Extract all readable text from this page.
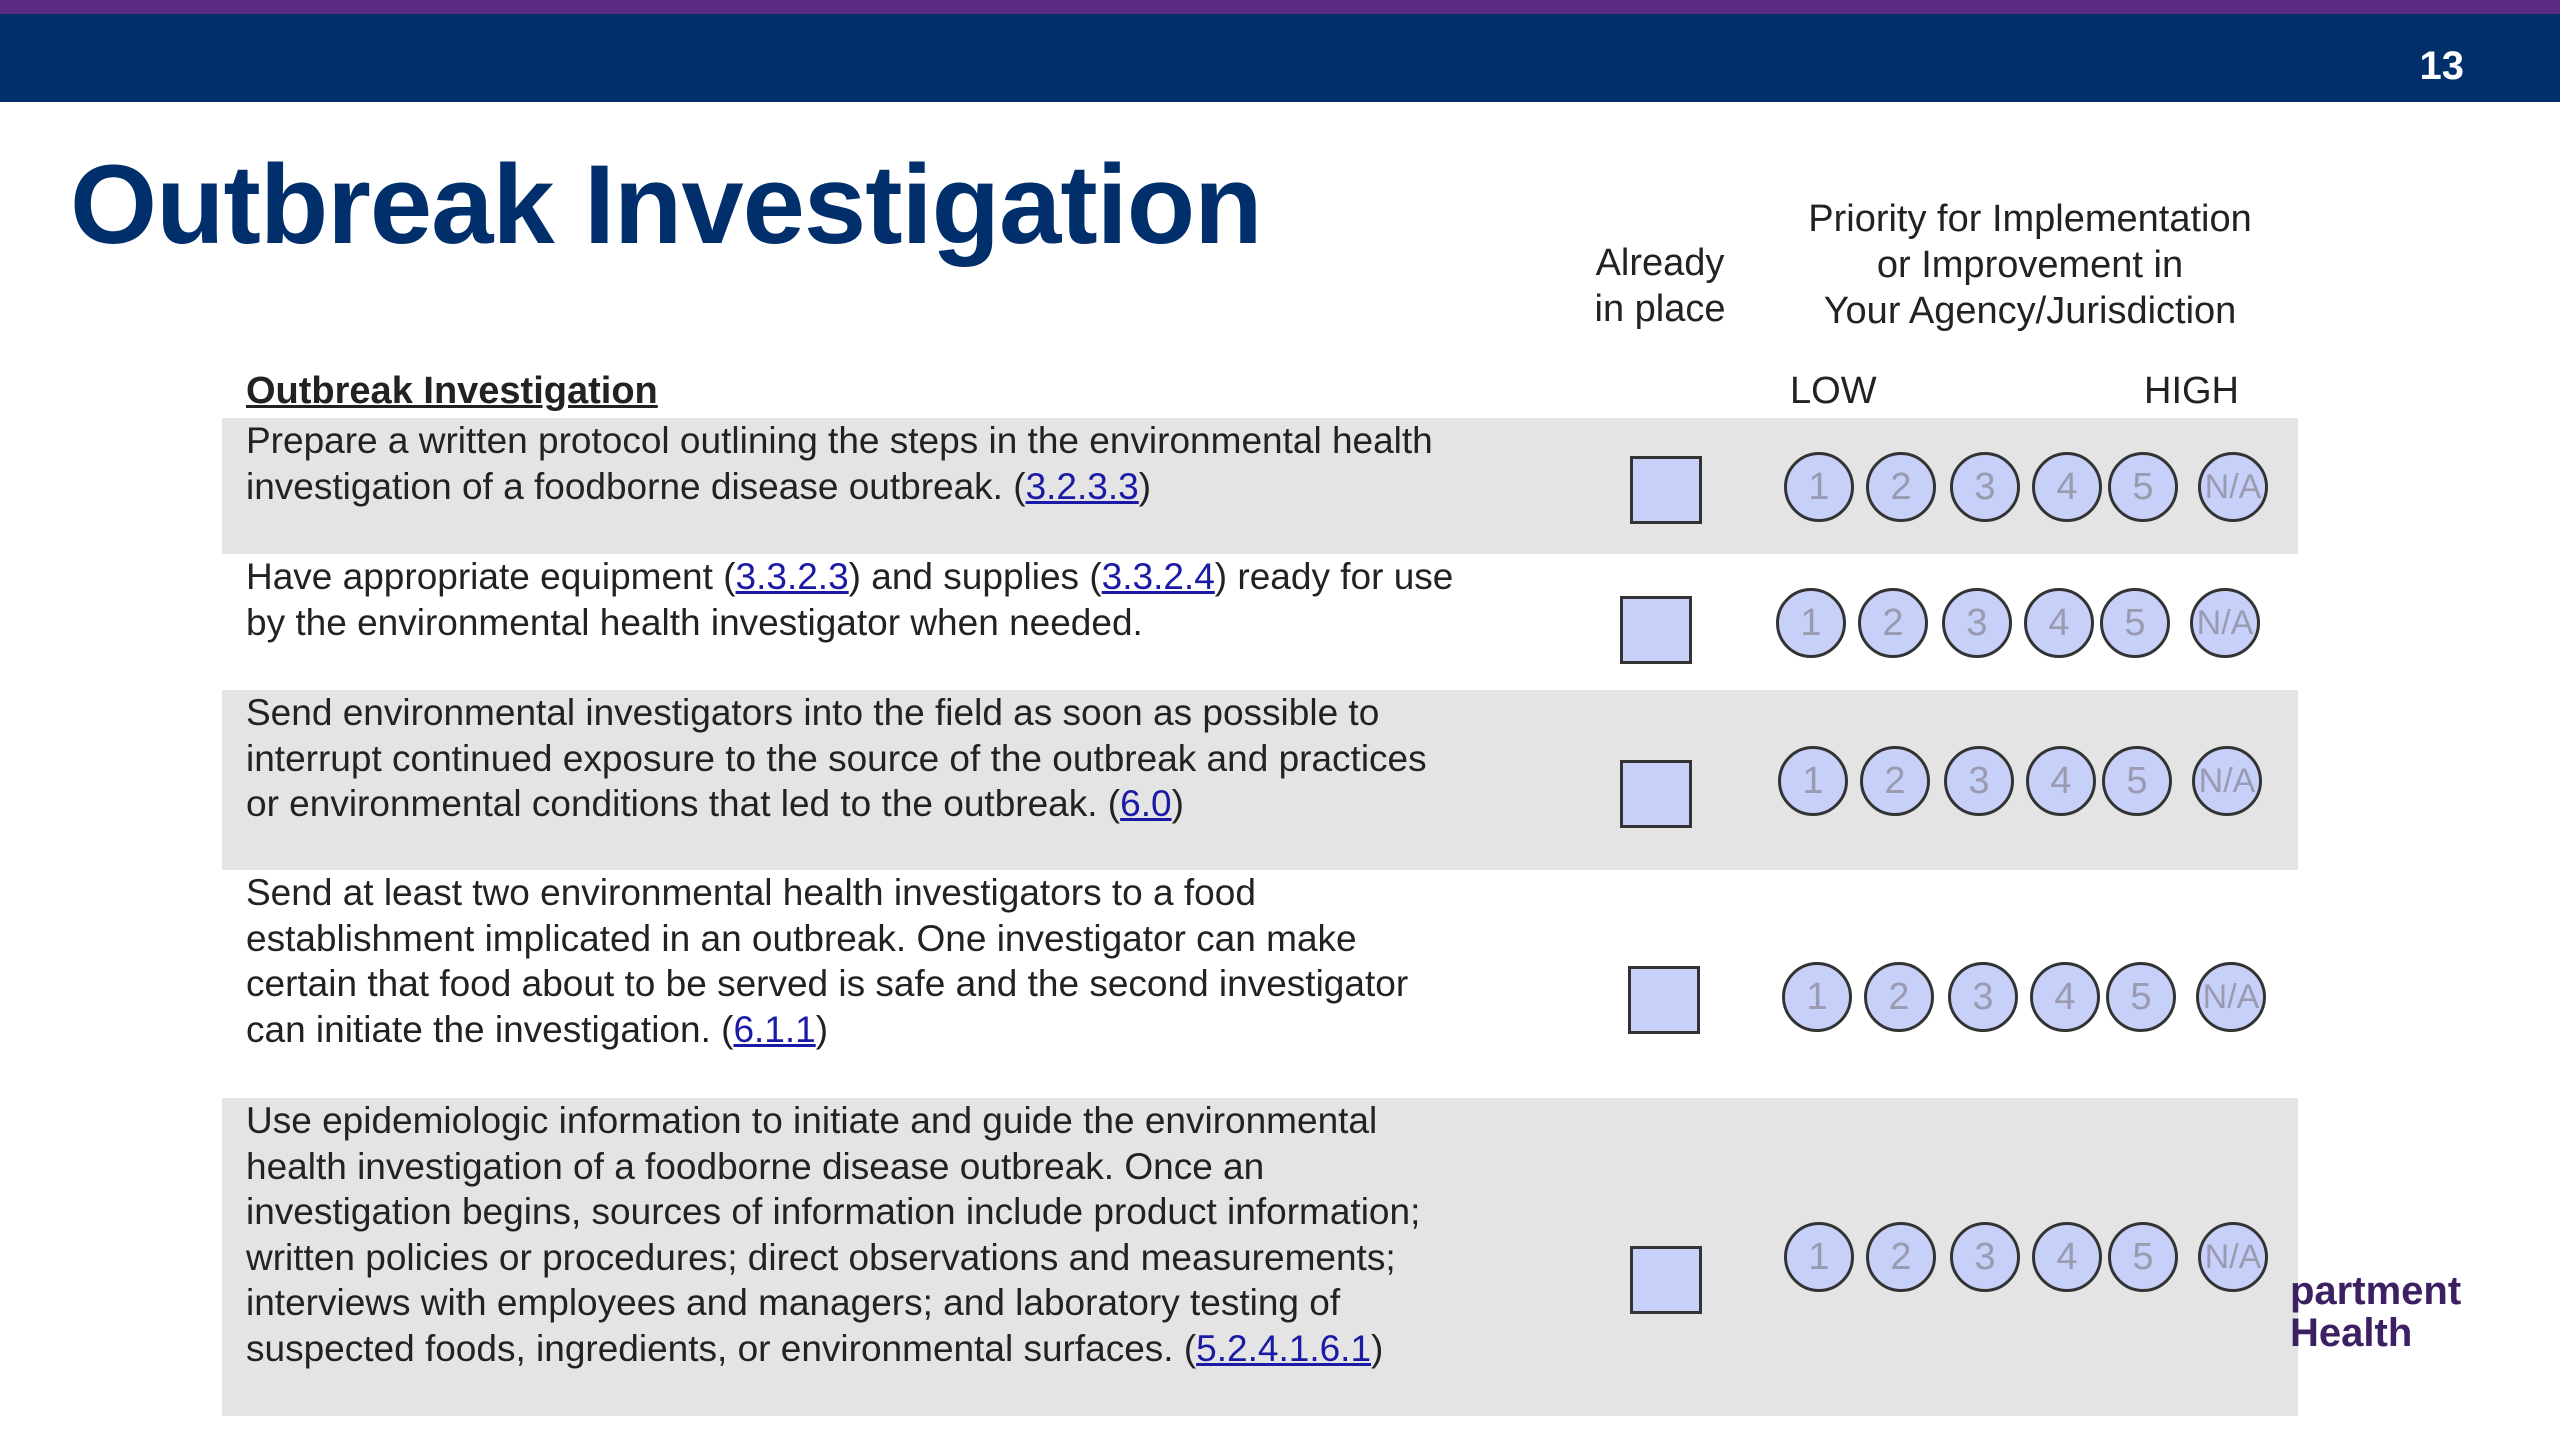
13
Outbreak Investigation	Already
in place
Priority for Implementation
or Improvement in
Your Agency/Jurisdiction
LOW	HIGH
Outbreak Investigation
Prepare a written protocol outlining the steps in the environmental health
investigation of a foodborne disease outbreak. (3.2.3.3)	1	2	3	4	5	N/A
Have appropriate equipment (3.3.2.3) and supplies (3.3.2.4) ready for use
by the environmental health investigator when needed.	1	2	3	4	5	N/A
Send environmental investigators into the field as soon as possible to
interrupt continued exposure to the source of the outbreak and practices
or environmental conditions that led to the outbreak. (6.0)
1	2	3	4	5	N/A
Send at least two environmental health investigators to a food
establishment implicated in an outbreak. One investigator can make
certain that food about to be served is safe and the second investigator
can initiate the investigation. (6.1.1)
1	2	3	4	5	N/A
Use epidemiologic information to initiate and guide the environmental
health investigation of a foodborne disease outbreak. Once an
investigation begins, sources of information include product information;
written policies or procedures; direct observations and measurements;
interviews with employees and managers; and laboratory testing of
suspected foods, ingredients, or environmental surfaces. (5.2.4.1.6.1)
1	2	3	4	5	N/A
partment
Health
